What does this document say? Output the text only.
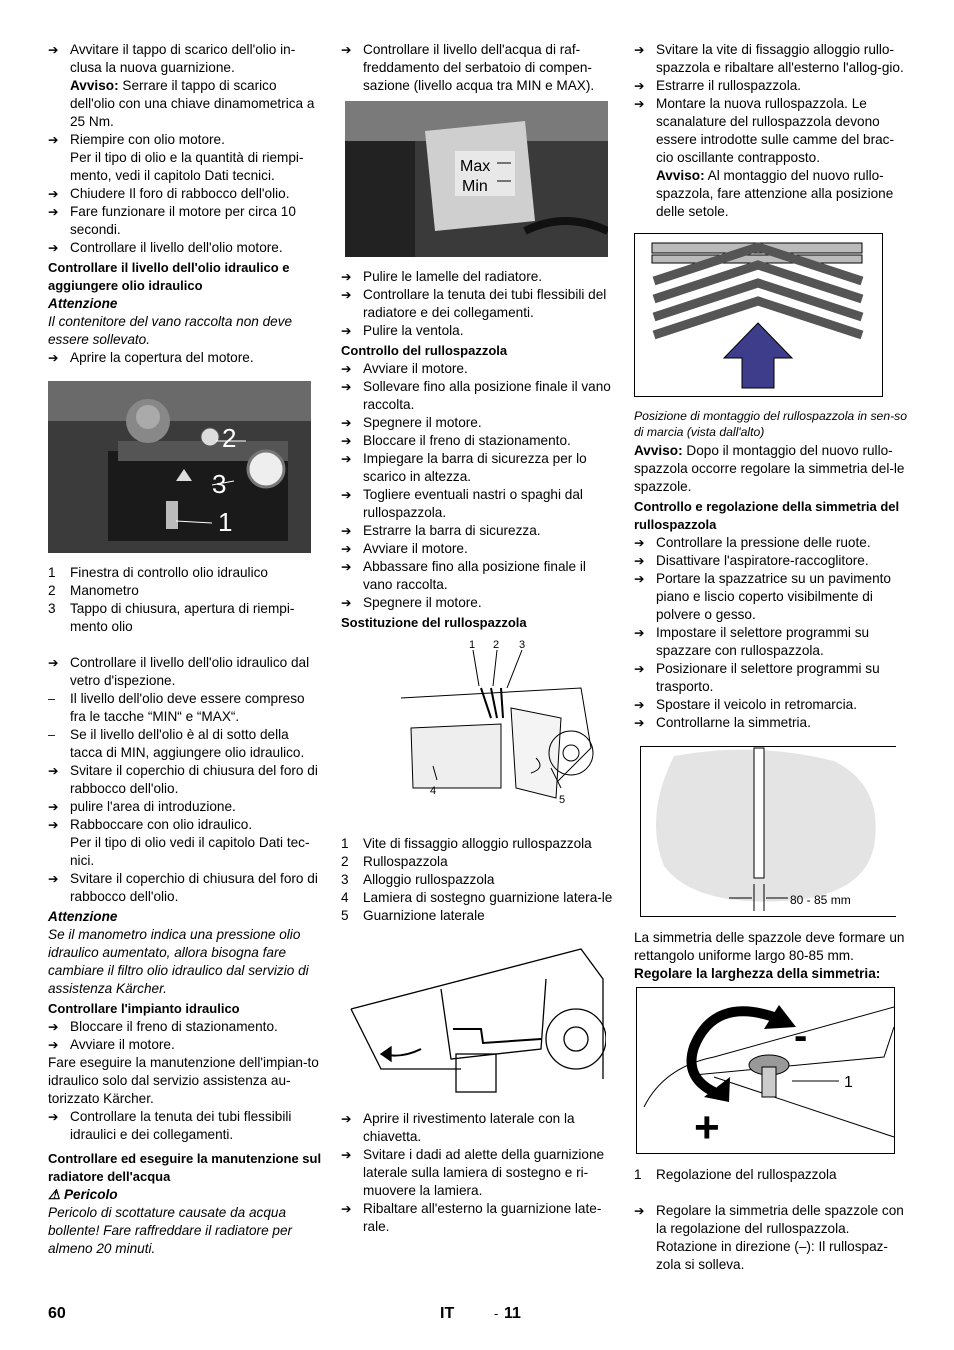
➔ Avvitare il tappo di scarico dell'olio in-clusa la nuova guarnizione.
Avviso: Serrare il tappo di scarico dell'olio con una chiave dinamometrica a 25 Nm.
➔ Riempire con olio motore.
Per il tipo di olio e la quantità di riempi-mento, vedi il capitolo Dati tecnici.
➔ Chiudere Il foro di rabbocco dell'olio.
➔ Fare funzionare il motore per circa 10 secondi.
➔ Controllare il livello dell'olio motore.
Controllare il livello dell'olio idraulico e aggiungere olio idraulico
Attenzione
Il contenitore del vano raccolta non deve essere sollevato.
➔ Aprire la copertura del motore.
2
3
1
1	Finestra di controllo olio idraulico
2	Manometro
3	Tappo di chiusura, apertura di riempi-mento olio
➔ Controllare il livello dell'olio idraulico dal vetro d'ispezione.
–	Il livello dell'olio deve essere compreso fra le tacche “MIN“ e “MAX“.
–	Se il livello dell'olio è al di sotto della tacca di MIN, aggiungere olio idraulico.
➔ Svitare il coperchio di chiusura del foro di rabbocco dell'olio.
➔ pulire l'area di introduzione.
➔ Rabboccare con olio idraulico.
Per il tipo di olio vedi il capitolo Dati tec-nici.
➔ Svitare il coperchio di chiusura del foro di rabbocco dell'olio.
Attenzione
Se il manometro indica una pressione olio idraulico aumentato, allora bisogna fare cambiare il filtro olio idraulico dal servizio di assistenza Kärcher.
Controllare l'impianto idraulico
➔ Bloccare il freno di stazionamento.
➔ Avviare il motore.
Fare eseguire la manutenzione dell'impian-to idraulico solo dal servizio assistenza au-torizzato Kärcher.
➔ Controllare la tenuta dei tubi flessibili idraulici e dei collegamenti.
Controllare ed eseguire la manutenzione sul radiatore dell'acqua
⚠ Pericolo
Pericolo di scottature causate da acqua bollente! Fare raffreddare il radiatore per almeno 20 minuti.
➔ Controllare il livello dell'acqua di raf-freddamento del serbatoio di compen-sazione (livello acqua tra MIN e MAX).
Max
Min
➔ Pulire le lamelle del radiatore.
➔ Controllare la tenuta dei tubi flessibili del radiatore e dei collegamenti.
➔ Pulire la ventola.
Controllo del rullospazzola
➔ Avviare il motore.
➔ Sollevare fino alla posizione finale il vano raccolta.
➔ Spegnere il motore.
➔ Bloccare il freno di stazionamento.
➔ Impiegare la barra di sicurezza per lo scarico in altezza.
➔ Togliere eventuali nastri o spaghi dal rullospazzola.
➔ Estrarre la barra di sicurezza.
➔ Avviare il motore.
➔ Abbassare fino alla posizione finale il vano raccolta.
➔ Spegnere il motore.
Sostituzione del rullospazzola
1 2 3
4
5
1	Vite di fissaggio alloggio rullospazzola
2	Rullospazzola
3	Alloggio rullospazzola
4	Lamiera di sostegno guarnizione latera-le
5	Guarnizione laterale
➔ Aprire il rivestimento laterale con la chiavetta.
➔ Svitare i dadi ad alette della guarnizione laterale sulla lamiera di sostegno e ri-muovere la lamiera.
➔ Ribaltare all'esterno la guarnizione late-rale.
➔ Svitare la vite di fissaggio alloggio rullo-spazzola e ribaltare all'esterno l'allog-gio.
➔ Estrarre il rullospazzola.
➔ Montare la nuova rullospazzola. Le scanalature del rullospazzola devono essere introdotte sulle camme del brac-cio oscillante contrapposto.
Avviso: Al montaggio del nuovo rullo-spazzola, fare attenzione alla posizione delle setole.
Posizione di montaggio del rullospazzola in sen-so di marcia (vista dall'alto)
Avviso: Dopo il montaggio del nuovo rullo-spazzola occorre regolare la simmetria del-le spazzole.
Controllo e regolazione della simmetria del rullospazzola
➔ Controllare la pressione delle ruote.
➔ Disattivare l'aspiratore-raccoglitore.
➔ Portare la spazzatrice su un pavimento piano e liscio coperto visibilmente di polvere o gesso.
➔ Impostare il selettore programmi su spazzare con rullospazzola.
➔ Posizionare il selettore programmi su trasporto.
➔ Spostare il veicolo in retromarcia.
➔ Controllarne la simmetria.
80 - 85 mm
La simmetria delle spazzole deve formare un rettangolo uniforme largo 80-85 mm.
Regolare la larghezza della simmetria:
-
+
1
1	Regolazione del rullospazzola
➔ Regolare la simmetria delle spazzole con la regolazione del rullospazzola.
Rotazione in direzione (–): Il rullospaz-zola si solleva.
60	IT	- 11
